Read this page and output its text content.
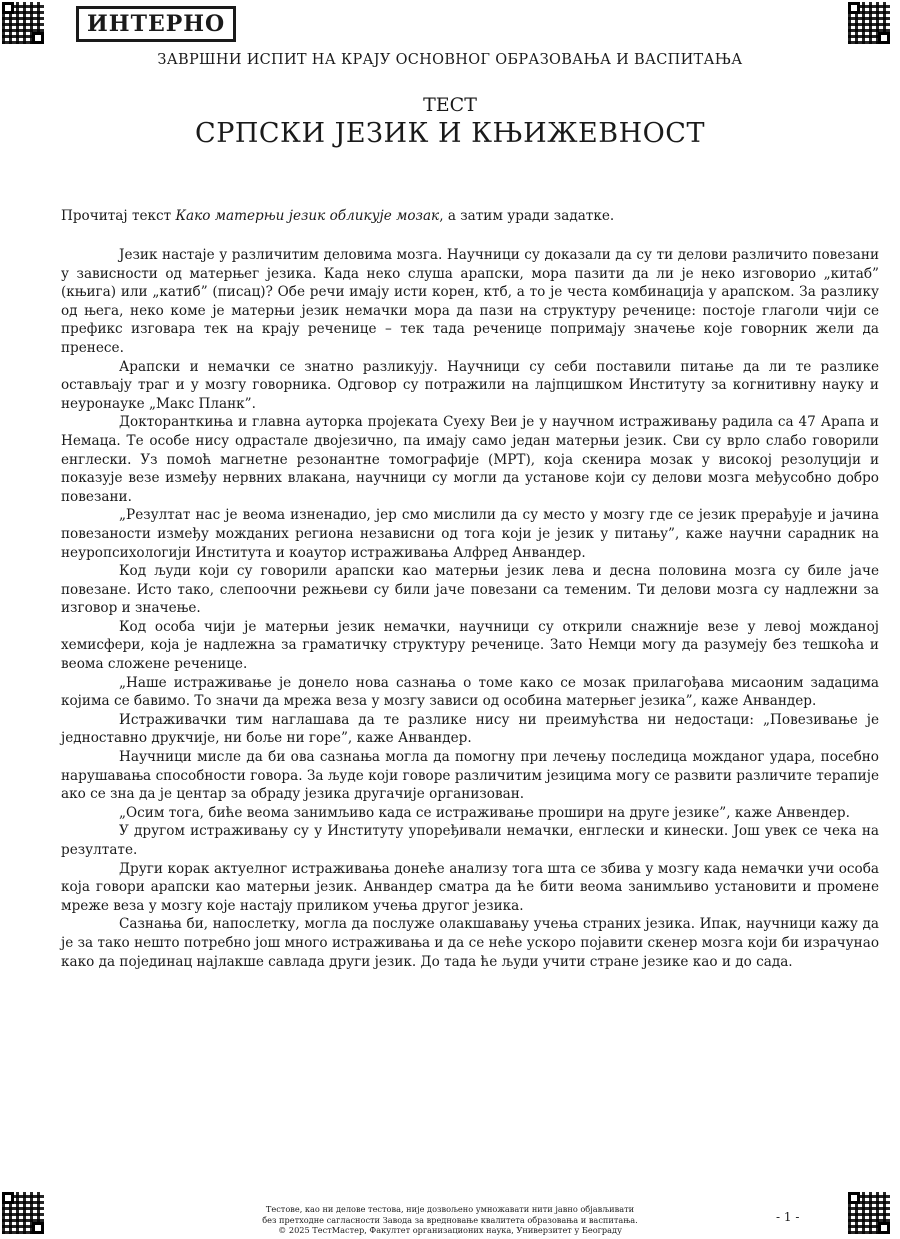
ИНТЕРНО
ЗАВРШНИ ИСПИТ НА КРАЈУ ОСНОВНОГ ОБРАЗОВАЊА И ВАСПИТАЊА
ТЕСТ
СРПСКИ ЈЕЗИК И КЊИЖЕВНОСТ
Прочитај текст Како матерњи језик обликује мозак, а затим уради задатке.

Језик настаје у различитим деловима мозга. Научници су доказали да су ти делови различито повезани у зависности од матерњег језика. Када неко слуша арапски, мора пазити да ли је неко изговорио „китаб” (књига) или „катиб” (писац)? Обе речи имају исти корен, ктб, а то је честа комбинација у арапском. За разлику од њега, неко коме је матерњи језик немачки мора да пази на структуру реченице: постоје глаголи чији се префикс изговара тек на крају реченице – тек тада реченице попримају значење које говорник жели да пренесе.

Арапски и немачки се знатно разликују. Научници су себи поставили питање да ли те разлике остављају траг и у мозгу говорника. Одговор су потражили на лајпцишком Институту за когнитивну науку и неуронауке „Макс Планк”.

Докторанткиња и главна ауторка пројеката Суеху Веи је у научном истраживању радила са 47 Арапа и Немаца. Те особе нису одрастале двојезично, па имају само један матерњи језик. Сви су врло слабо говорили енглески. Уз помоћ магнетне резонантне томографије (МРТ), која скенира мозак у високој резолуцији и показује везе између нервних влакана, научници су могли да установе који су делови мозга међусобно добро повезани.

„Резултат нас је веома изненадио, јер смо мислили да су место у мозгу где се језик прерађује и јачина повезаности између можданих региона независни од тога који је језик у питању”, каже научни сарадник на неуропсихологији Института и коаутор истраживања Алфред Анвандер.

Код људи који су говорили арапски као матерњи језик лева и десна половина мозга су биле јаче повезане. Исто тако, слепоочни режњеви су били јаче повезани са теменим. Ти делови мозга су надлежни за изговор и значење.

Код особа чији је матерњи језик немачки, научници су открили снажније везе у левој можданој хемисфери, која је надлежна за граматичку структуру реченице. Зато Немци могу да разумеју без тешкоћа и веома сложене реченице.

„Наше истраживање је донело нова сазнања о томе како се мозак прилагођава мисаоним задацима којима се бавимо. То значи да мрежа веза у мозгу зависи од особина матерњег језика”, каже Анвандер.

Истраживачки тим наглашава да те разлике нису ни преимућства ни недостаци: „Повезивање је једноставно друкчије, ни боље ни горе”, каже Анвандер.

Научници мисле да би ова сазнања могла да помогну при лечењу последица можданог удара, посебно нарушавања способности говора. За људе који говоре различитим језицима могу се развити различите терапије ако се зна да је центар за обраду језика другачије организован.

„Осим тога, биће веома занимљиво када се истраживање прошири на друге језике”, каже Анвендер.

У другом истраживању су у Институту упоређивали немачки, енглески и кинески. Још увек се чека на резултате.

Други корак актуелног истраживања донеће анализу тога шта се збива у мозгу када немачки учи особа која говори арапски као матерњи језик. Анвандер сматра да ће бити веома занимљиво установити и промене мреже веза у мозгу које настају приликом учења другог језика.

Сазнања би, напослетку, могла да послуже олакшавању учења страних језика. Ипак, научници кажу да је за тако нешто потребно још много истраживања и да се неће ускоро појавити скенер мозга који би израчунао како да појединац најлакше савлада други језик. До тада ће људи учити стране језике као и до сада.

Тестове, као ни делове тестова, није дозвољено умножавати нити јавно објављивати
без претходне сагласности Завода за вредновање квалитета образовања и васпитања.
© 2025 ТестМастер, Факултет организационих наука, Универзитет у Београду
- 1 -
